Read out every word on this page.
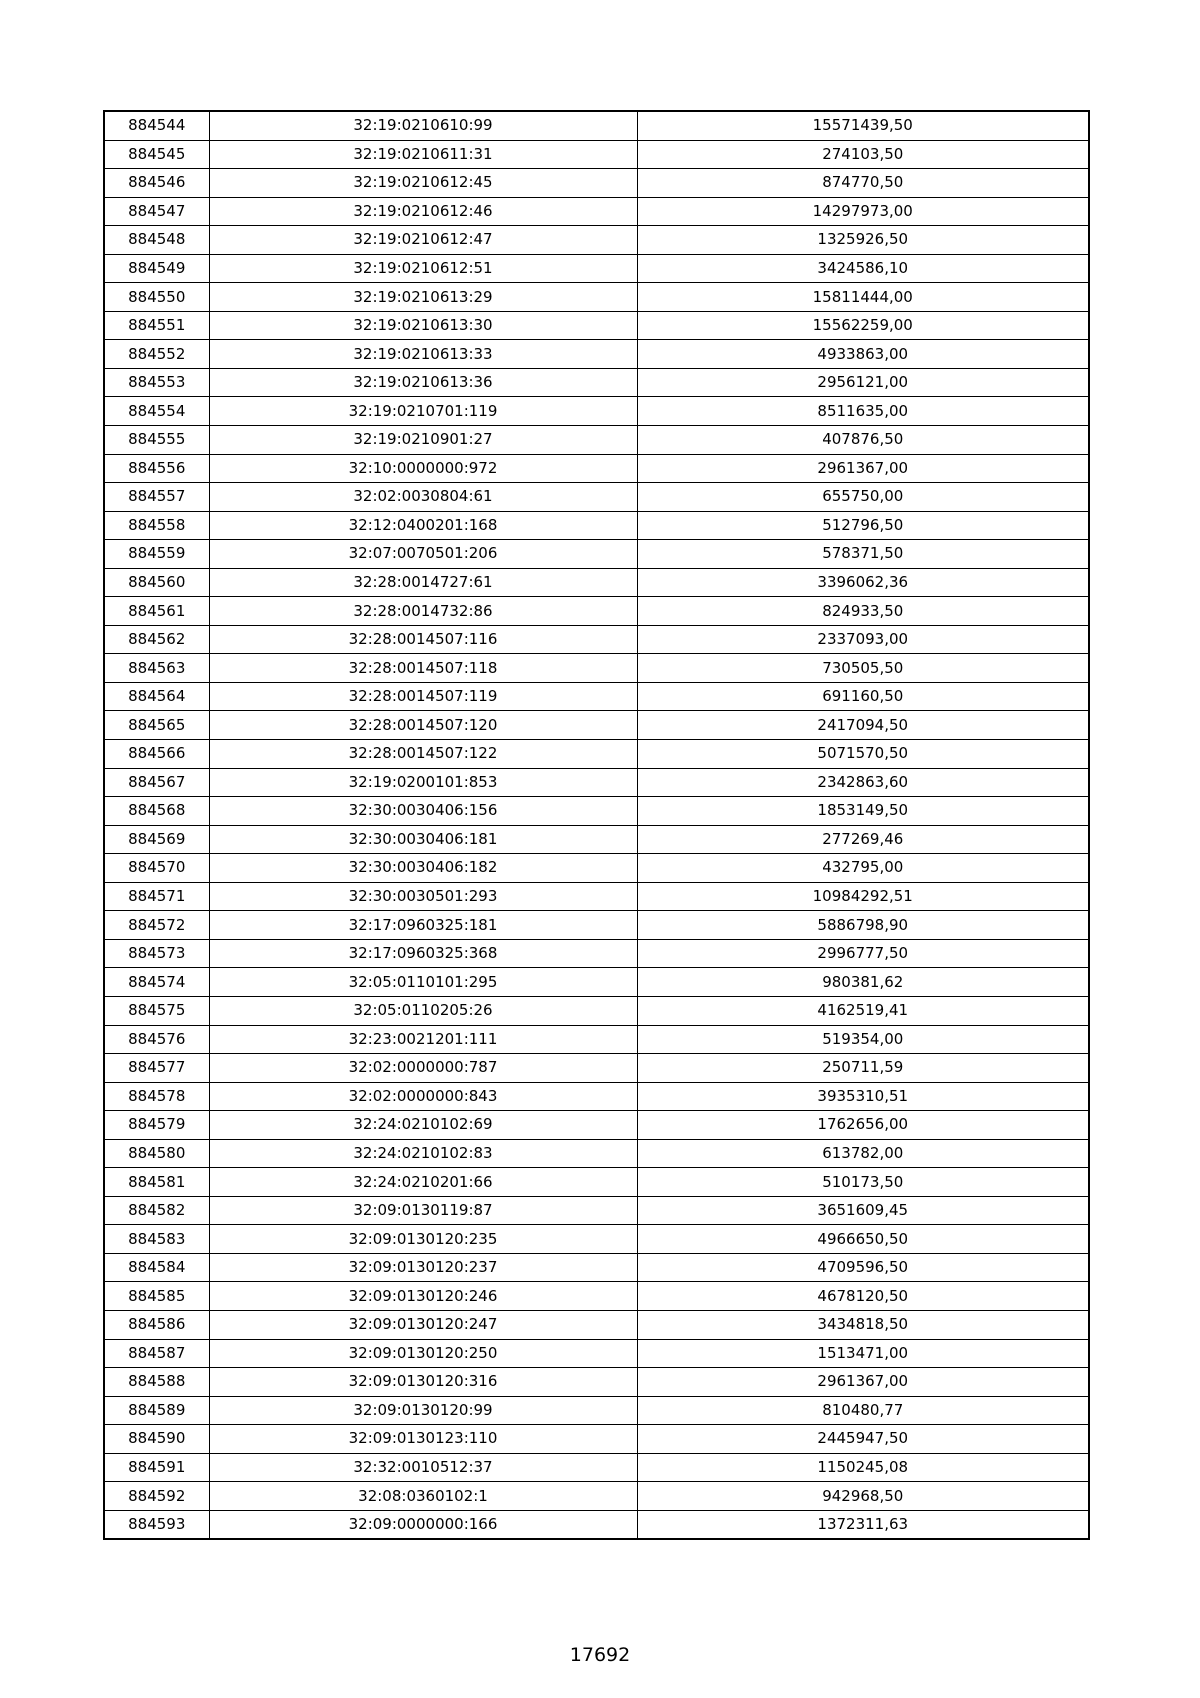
884544	32:19:0210610:99	15571439,50
884545	32:19:0210611:31	274103,50
884546	32:19:0210612:45	874770,50
884547	32:19:0210612:46	14297973,00
884548	32:19:0210612:47	1325926,50
884549	32:19:0210612:51	3424586,10
884550	32:19:0210613:29	15811444,00
884551	32:19:0210613:30	15562259,00
884552	32:19:0210613:33	4933863,00
884553	32:19:0210613:36	2956121,00
884554	32:19:0210701:119	8511635,00
884555	32:19:0210901:27	407876,50
884556	32:10:0000000:972	2961367,00
884557	32:02:0030804:61	655750,00
884558	32:12:0400201:168	512796,50
884559	32:07:0070501:206	578371,50
884560	32:28:0014727:61	3396062,36
884561	32:28:0014732:86	824933,50
884562	32:28:0014507:116	2337093,00
884563	32:28:0014507:118	730505,50
884564	32:28:0014507:119	691160,50
884565	32:28:0014507:120	2417094,50
884566	32:28:0014507:122	5071570,50
884567	32:19:0200101:853	2342863,60
884568	32:30:0030406:156	1853149,50
884569	32:30:0030406:181	277269,46
884570	32:30:0030406:182	432795,00
884571	32:30:0030501:293	10984292,51
884572	32:17:0960325:181	5886798,90
884573	32:17:0960325:368	2996777,50
884574	32:05:0110101:295	980381,62
884575	32:05:0110205:26	4162519,41
884576	32:23:0021201:111	519354,00
884577	32:02:0000000:787	250711,59
884578	32:02:0000000:843	3935310,51
884579	32:24:0210102:69	1762656,00
884580	32:24:0210102:83	613782,00
884581	32:24:0210201:66	510173,50
884582	32:09:0130119:87	3651609,45
884583	32:09:0130120:235	4966650,50
884584	32:09:0130120:237	4709596,50
884585	32:09:0130120:246	4678120,50
884586	32:09:0130120:247	3434818,50
884587	32:09:0130120:250	1513471,00
884588	32:09:0130120:316	2961367,00
884589	32:09:0130120:99	810480,77
884590	32:09:0130123:110	2445947,50
884591	32:32:0010512:37	1150245,08
884592	32:08:0360102:1	942968,50
884593	32:09:0000000:166	1372311,63
17692
